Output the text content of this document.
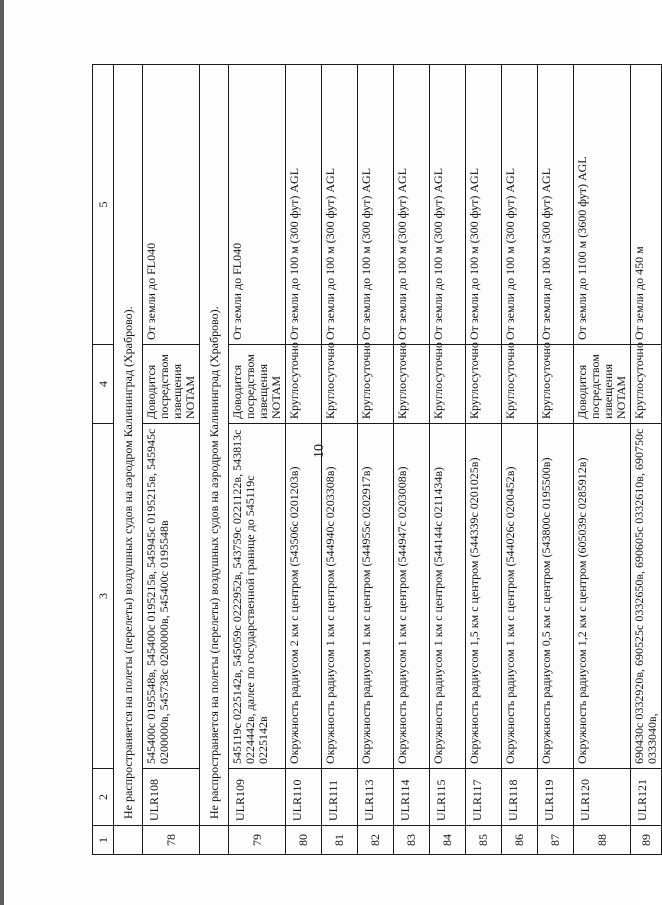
10
1	2	3	4	5
	Не распространяется на полеты (перелеты) воздушных судов на аэродром Калининград (Храброво).			
78	ULR108	545400с 0195548в, 545400с 0195215в, 545945с 0195215в, 545945с 0200000в, 545738с 0200000в, 545400с 0195548в	Доводится посредством извещения NOTAM	От земли до FL040
	Не распространяется на полеты (перелеты) воздушных судов на аэродром Калининград (Храброво).			
79	ULR109	545119с 0225142в, 545059с 0222952в, 543759с 0221122в, 543813с 0224442в, далее по государственной границе до 545119с 0225142в	Доводится посредством извещения NOTAM	От земли до FL040
80	ULR110	Окружность радиусом 2 км с центром (543506с 0201203в)	Круглосуточно	От земли до 100 м (300 фут) AGL
81	ULR111	Окружность радиусом 1 км с центром (544940с 0203308в)	Круглосуточно	От земли до 100 м (300 фут) AGL
82	ULR113	Окружность радиусом 1 км с центром (544955с 0202917в)	Круглосуточно	От земли до 100 м (300 фут) AGL
83	ULR114	Окружность радиусом 1 км с центром (544947с 0203008в)	Круглосуточно	От земли до 100 м (300 фут) AGL
84	ULR115	Окружность радиусом 1 км с центром (544144с 0211434в)	Круглосуточно	От земли до 100 м (300 фут) AGL
85	ULR117	Окружность радиусом 1,5 км с центром (544339с 0201025в)	Круглосуточно	От земли до 100 м (300 фут) AGL
86	ULR118	Окружность радиусом 1 км с центром (544026с 0200452в)	Круглосуточно	От земли до 100 м (300 фут) AGL
87	ULR119	Окружность радиусом 0,5 км с центром (543800с 0195500в)	Круглосуточно	От земли до 100 м (300 фут) AGL
88	ULR120	Окружность радиусом 1,2 км с центром (605039с 0285912в)	Доводится посредством извещения NOTAM	От земли до 1100 м (3600 фут) AGL
89	ULR121	690430с 0332920в, 690525с 0332650в, 690605с 0332610в, 690750с 0333040в,	Круглосуточно	От земли до 450 м
